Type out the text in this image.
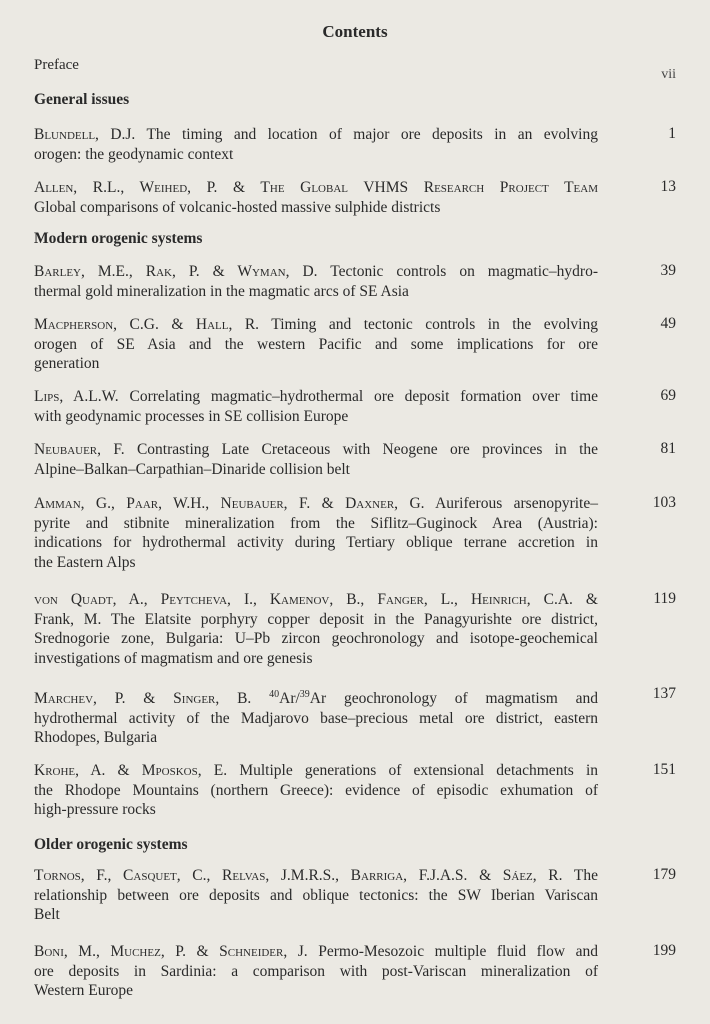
Contents
Preface
vii
General issues
Blundell, D.J. The timing and location of major ore deposits in an evolving
orogen: the geodynamic context
1
Allen, R.L., Weihed, P. & The Global VHMS Research Project Team
Global comparisons of volcanic-hosted massive sulphide districts
13
Modern orogenic systems
Barley, M.E., Rak, P. & Wyman, D. Tectonic controls on magmatic–hydro-
thermal gold mineralization in the magmatic arcs of SE Asia
39
Macpherson, C.G. & Hall, R. Timing and tectonic controls in the evolving
orogen of SE Asia and the western Pacific and some implications for ore
generation
49
Lips, A.L.W. Correlating magmatic–hydrothermal ore deposit formation over time
with geodynamic processes in SE collision Europe
69
Neubauer, F. Contrasting Late Cretaceous with Neogene ore provinces in the
Alpine–Balkan–Carpathian–Dinaride collision belt
81
Amman, G., Paar, W.H., Neubauer, F. & Daxner, G. Auriferous arsenopyrite–
pyrite and stibnite mineralization from the Siflitz–Guginock Area (Austria):
indications for hydrothermal activity during Tertiary oblique terrane accretion in
the Eastern Alps
103
von Quadt, A., Peytcheva, I., Kamenov, B., Fanger, L., Heinrich, C.A. &
Frank, M. The Elatsite porphyry copper deposit in the Panagyurishte ore district,
Srednogorie zone, Bulgaria: U–Pb zircon geochronology and isotope-geochemical
investigations of magmatism and ore genesis
119
Marchev, P. & Singer, B. $^{40}$Ar/$^{39}$Ar geochronology of magmatism and
hydrothermal activity of the Madjarovo base–precious metal ore district, eastern
Rhodopes, Bulgaria
137
Krohe, A. & Mposkos, E. Multiple generations of extensional detachments in
the Rhodope Mountains (northern Greece): evidence of episodic exhumation of
high-pressure rocks
151
Older orogenic systems
Tornos, F., Casquet, C., Relvas, J.M.R.S., Barriga, F.J.A.S. & Sáez, R. The
relationship between ore deposits and oblique tectonics: the SW Iberian Variscan
Belt
179
Boni, M., Muchez, P. & Schneider, J. Permo-Mesozoic multiple fluid flow and
ore deposits in Sardinia: a comparison with post-Variscan mineralization of
Western Europe
199
